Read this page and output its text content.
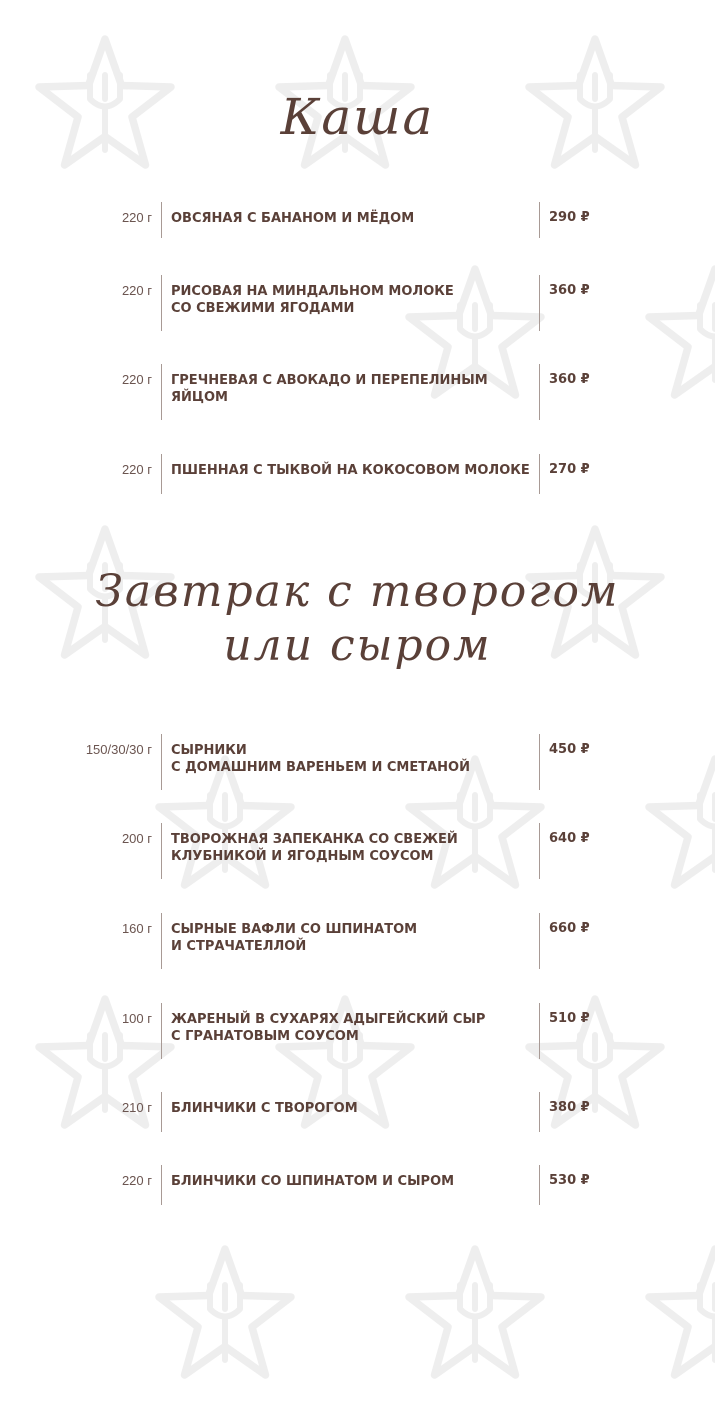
Каша
220 г ОВСЯНАЯ С БАНАНОМ И МЁДОМ	290 ₽
220 г РИСОВАЯ НА МИНДАЛЬНОМ МОЛОКЕ
СО СВЕЖИМИ ЯГОДАМИ
360 ₽
220 г ГРЕЧНЕВАЯ С АВОКАДО И ПЕРЕПЕЛИНЫМ
ЯЙЦОМ
360 ₽
220 г ПШЕННАЯ С ТЫКВОЙ НА КОКОСОВОМ МОЛОКЕ 270 ₽
Завтрак с творогом
или сыром
150/30/30 г СЫРНИКИ
С ДОМАШНИМ ВАРЕНЬЕМ И СМЕТАНОЙ
450 ₽
200 г ТВОРОЖНАЯ ЗАПЕКАНКА СО СВЕЖЕЙ
КЛУБНИКОЙ И ЯГОДНЫМ СОУСОМ
640 ₽
160 г СЫРНЫЕ ВАФЛИ СО ШПИНАТОМ
И СТРАЧАТЕЛЛОЙ
660 ₽
100 г ЖАРЕНЫЙ В СУХАРЯХ АДЫГЕЙСКИЙ СЫР
С ГРАНАТОВЫМ СОУСОМ
510 ₽
210 г БЛИНЧИКИ С ТВОРОГОМ	380 ₽
220 г БЛИНЧИКИ СО ШПИНАТОМ И СЫРОМ	530 ₽
